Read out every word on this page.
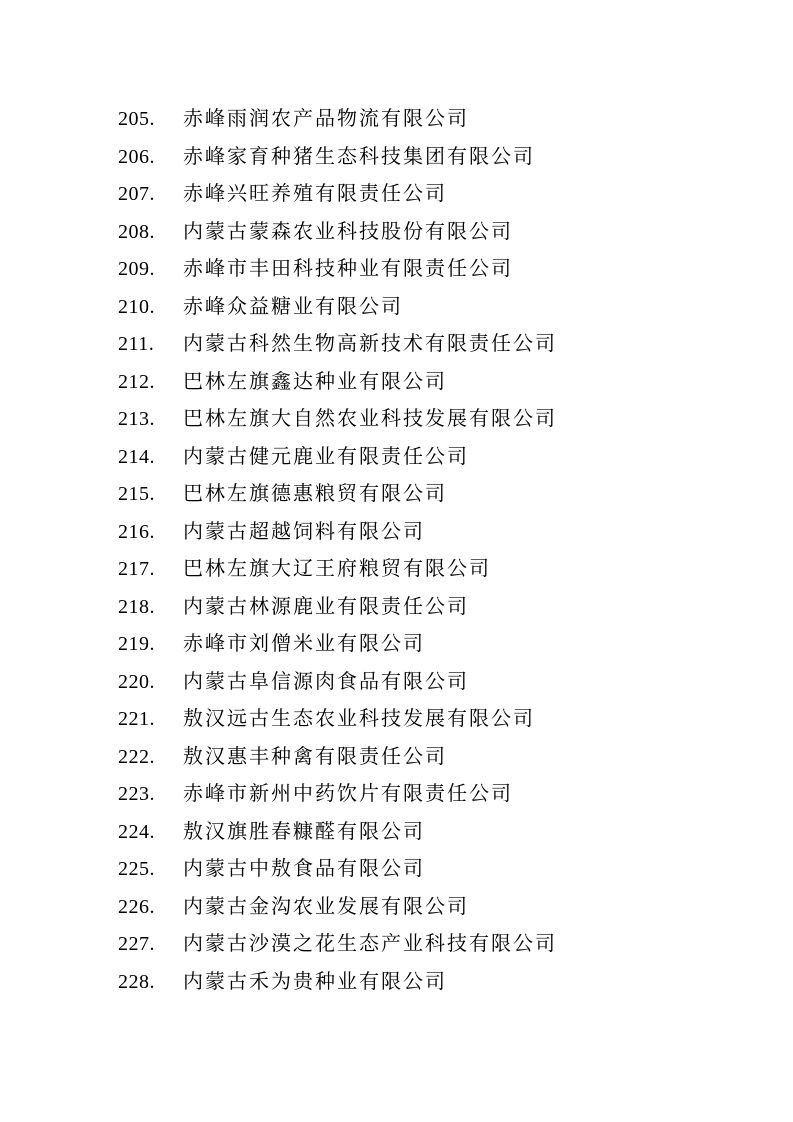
205.	赤峰雨润农产品物流有限公司
206.	赤峰家育种猪生态科技集团有限公司
207.	赤峰兴旺养殖有限责任公司
208.	内蒙古蒙森农业科技股份有限公司
209.	赤峰市丰田科技种业有限责任公司
210.	赤峰众益糖业有限公司
211.	内蒙古科然生物高新技术有限责任公司
212.	巴林左旗鑫达种业有限公司
213.	巴林左旗大自然农业科技发展有限公司
214.	内蒙古健元鹿业有限责任公司
215.	巴林左旗德惠粮贸有限公司
216.	内蒙古超越饲料有限公司
217.	巴林左旗大辽王府粮贸有限公司
218.	内蒙古林源鹿业有限责任公司
219.	赤峰市刘僧米业有限公司
220.	内蒙古阜信源肉食品有限公司
221.	敖汉远古生态农业科技发展有限公司
222.	敖汉惠丰种禽有限责任公司
223.	赤峰市新州中药饮片有限责任公司
224.	敖汉旗胜春糠醛有限公司
225.	内蒙古中敖食品有限公司
226.	内蒙古金沟农业发展有限公司
227.	内蒙古沙漠之花生态产业科技有限公司
228.	内蒙古禾为贵种业有限公司
